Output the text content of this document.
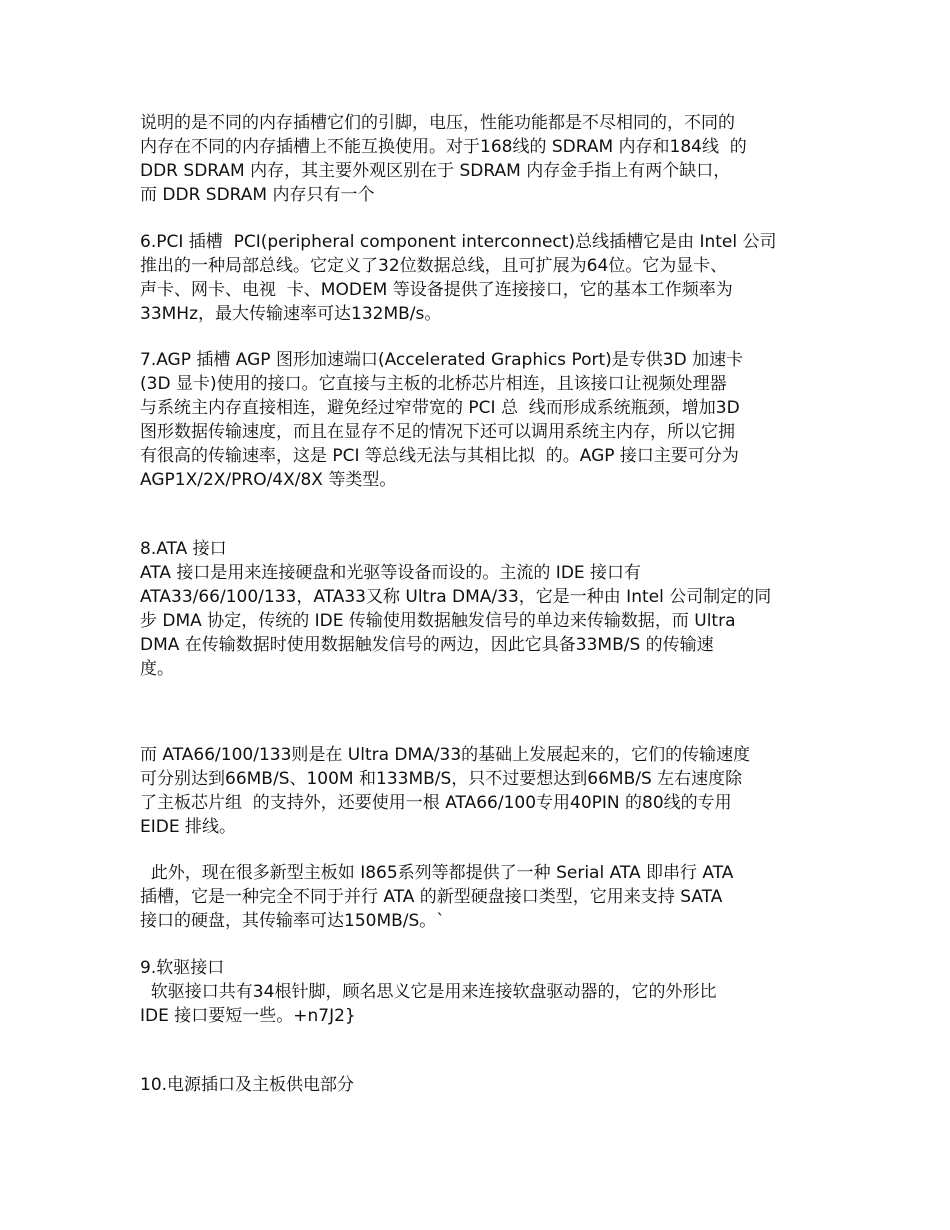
说明的是不同的内存插槽它们的引脚，电压，性能功能都是不尽相同的，不同的

内存在不同的内存插槽上不能互换使用。对于168线的 SDRAM 内存和184线  的

DDR SDRAM 内存，其主要外观区别在于 SDRAM 内存金手指上有两个缺口，

而 DDR SDRAM 内存只有一个

6.PCI 插槽  PCI(peripheral component interconnect)总线插槽它是由 Intel 公司

推出的一种局部总线。它定义了32位数据总线，且可扩展为64位。它为显卡、

声卡、网卡、电视  卡、MODEM 等设备提供了连接接口，它的基本工作频率为

33MHz，最大传输速率可达132MB/s。

7.AGP 插槽 AGP 图形加速端口(Accelerated Graphics Port)是专供3D 加速卡

(3D 显卡)使用的接口。它直接与主板的北桥芯片相连，且该接口让视频处理器

与系统主内存直接相连，避免经过窄带宽的 PCI 总  线而形成系统瓶颈，增加3D

图形数据传输速度，而且在显存不足的情况下还可以调用系统主内存，所以它拥

有很高的传输速率，这是 PCI 等总线无法与其相比拟  的。AGP 接口主要可分为

AGP1X/2X/PRO/4X/8X 等类型。

8.ATA 接口

ATA 接口是用来连接硬盘和光驱等设备而设的。主流的 IDE 接口有

ATA33/66/100/133，ATA33又称 Ultra DMA/33，它是一种由 Intel 公司制定的同

步 DMA 协定，传统的 IDE 传输使用数据触发信号的单边来传输数据，而 Ultra

DMA 在传输数据时使用数据触发信号的两边，因此它具备33MB/S 的传输速

度。

而 ATA66/100/133则是在 Ultra DMA/33的基础上发展起来的，它们的传输速度

可分别达到66MB/S、100M 和133MB/S，只不过要想达到66MB/S 左右速度除

了主板芯片组  的支持外，还要使用一根 ATA66/100专用40PIN 的80线的专用

EIDE 排线。

此外，现在很多新型主板如 I865系列等都提供了一种 Serial ATA 即串行 ATA

插槽，它是一种完全不同于并行 ATA 的新型硬盘接口类型，它用来支持 SATA

接口的硬盘，其传输率可达150MB/S。`

9.软驱接口

软驱接口共有34根针脚，顾名思义它是用来连接软盘驱动器的，它的外形比

IDE 接口要短一些。+n7J2}

10.电源插口及主板供电部分
